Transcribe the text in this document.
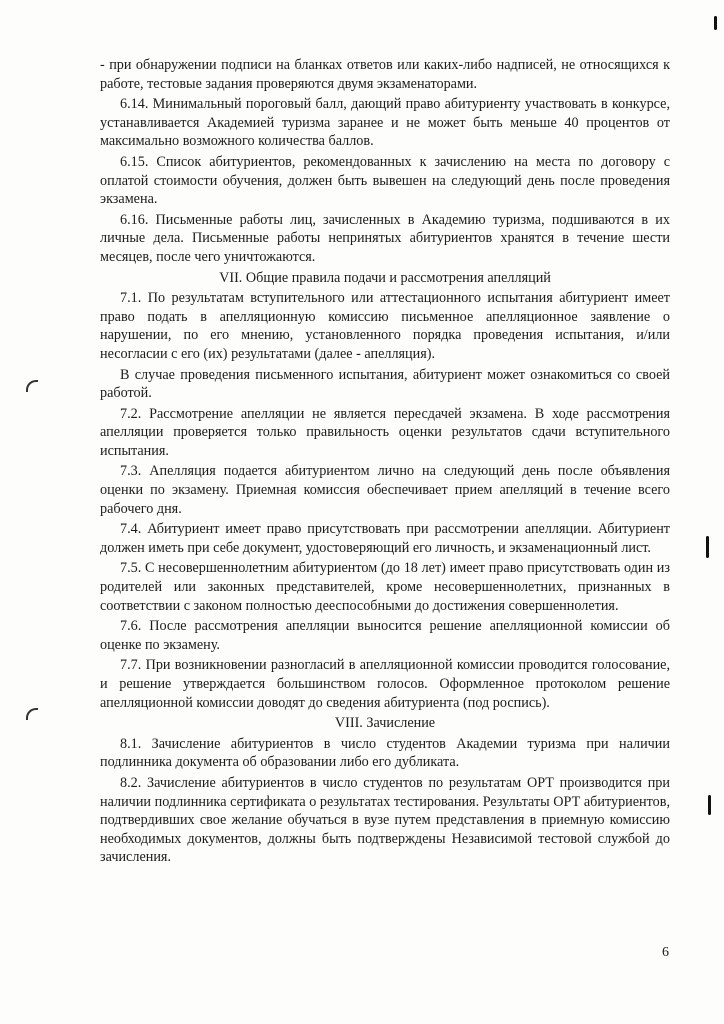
- при обнаружении подписи на бланках ответов или каких-либо надписей, не относящихся к работе, тестовые задания проверяются двумя экзаменаторами.

6.14. Минимальный пороговый балл, дающий право абитуриенту участвовать в конкурсе, устанавливается Академией туризма заранее и не может быть меньше 40 процентов от максимально возможного количества баллов.

6.15. Список абитуриентов, рекомендованных к зачислению на места по договору с оплатой стоимости обучения, должен быть вывешен на следующий день после проведения экзамена.

6.16. Письменные работы лиц, зачисленных в Академию туризма, подшиваются в их личные дела. Письменные работы непринятых абитуриентов хранятся в течение шести месяцев, после чего уничтожаются.

VII. Общие правила подачи и рассмотрения апелляций

7.1. По результатам вступительного или аттестационного испытания абитуриент имеет право подать в апелляционную комиссию письменное апелляционное заявление о нарушении, по его мнению, установленного порядка проведения испытания, и/или несогласии с его (их) результатами (далее - апелляция).

В случае проведения письменного испытания, абитуриент может ознакомиться со своей работой.

7.2. Рассмотрение апелляции не является пересдачей экзамена. В ходе рассмотрения апелляции проверяется только правильность оценки результатов сдачи вступительного испытания.

7.3. Апелляция подается абитуриентом лично на следующий день после объявления оценки по экзамену. Приемная комиссия обеспечивает прием апелляций в течение всего рабочего дня.

7.4. Абитуриент имеет право присутствовать при рассмотрении апелляции. Абитуриент должен иметь при себе документ, удостоверяющий его личность, и экзаменационный лист.

7.5. С несовершеннолетним абитуриентом (до 18 лет) имеет право присутствовать один из родителей или законных представителей, кроме несовершеннолетних, признанных в соответствии с законом полностью дееспособными до достижения совершеннолетия.

7.6. После рассмотрения апелляции выносится решение апелляционной комиссии об оценке по экзамену.

7.7. При возникновении разногласий в апелляционной комиссии проводится голосование, и решение утверждается большинством голосов. Оформленное протоколом решение апелляционной комиссии доводят до сведения абитуриента (под роспись).

VIII. Зачисление

8.1. Зачисление абитуриентов в число студентов Академии туризма при наличии подлинника документа об образовании либо его дубликата.

8.2. Зачисление абитуриентов в число студентов по результатам ОРТ производится при наличии подлинника сертификата о результатах тестирования. Результаты ОРТ абитуриентов, подтвердивших свое желание обучаться в вузе путем представления в приемную комиссию необходимых документов, должны быть подтверждены Независимой тестовой службой до зачисления.

6
